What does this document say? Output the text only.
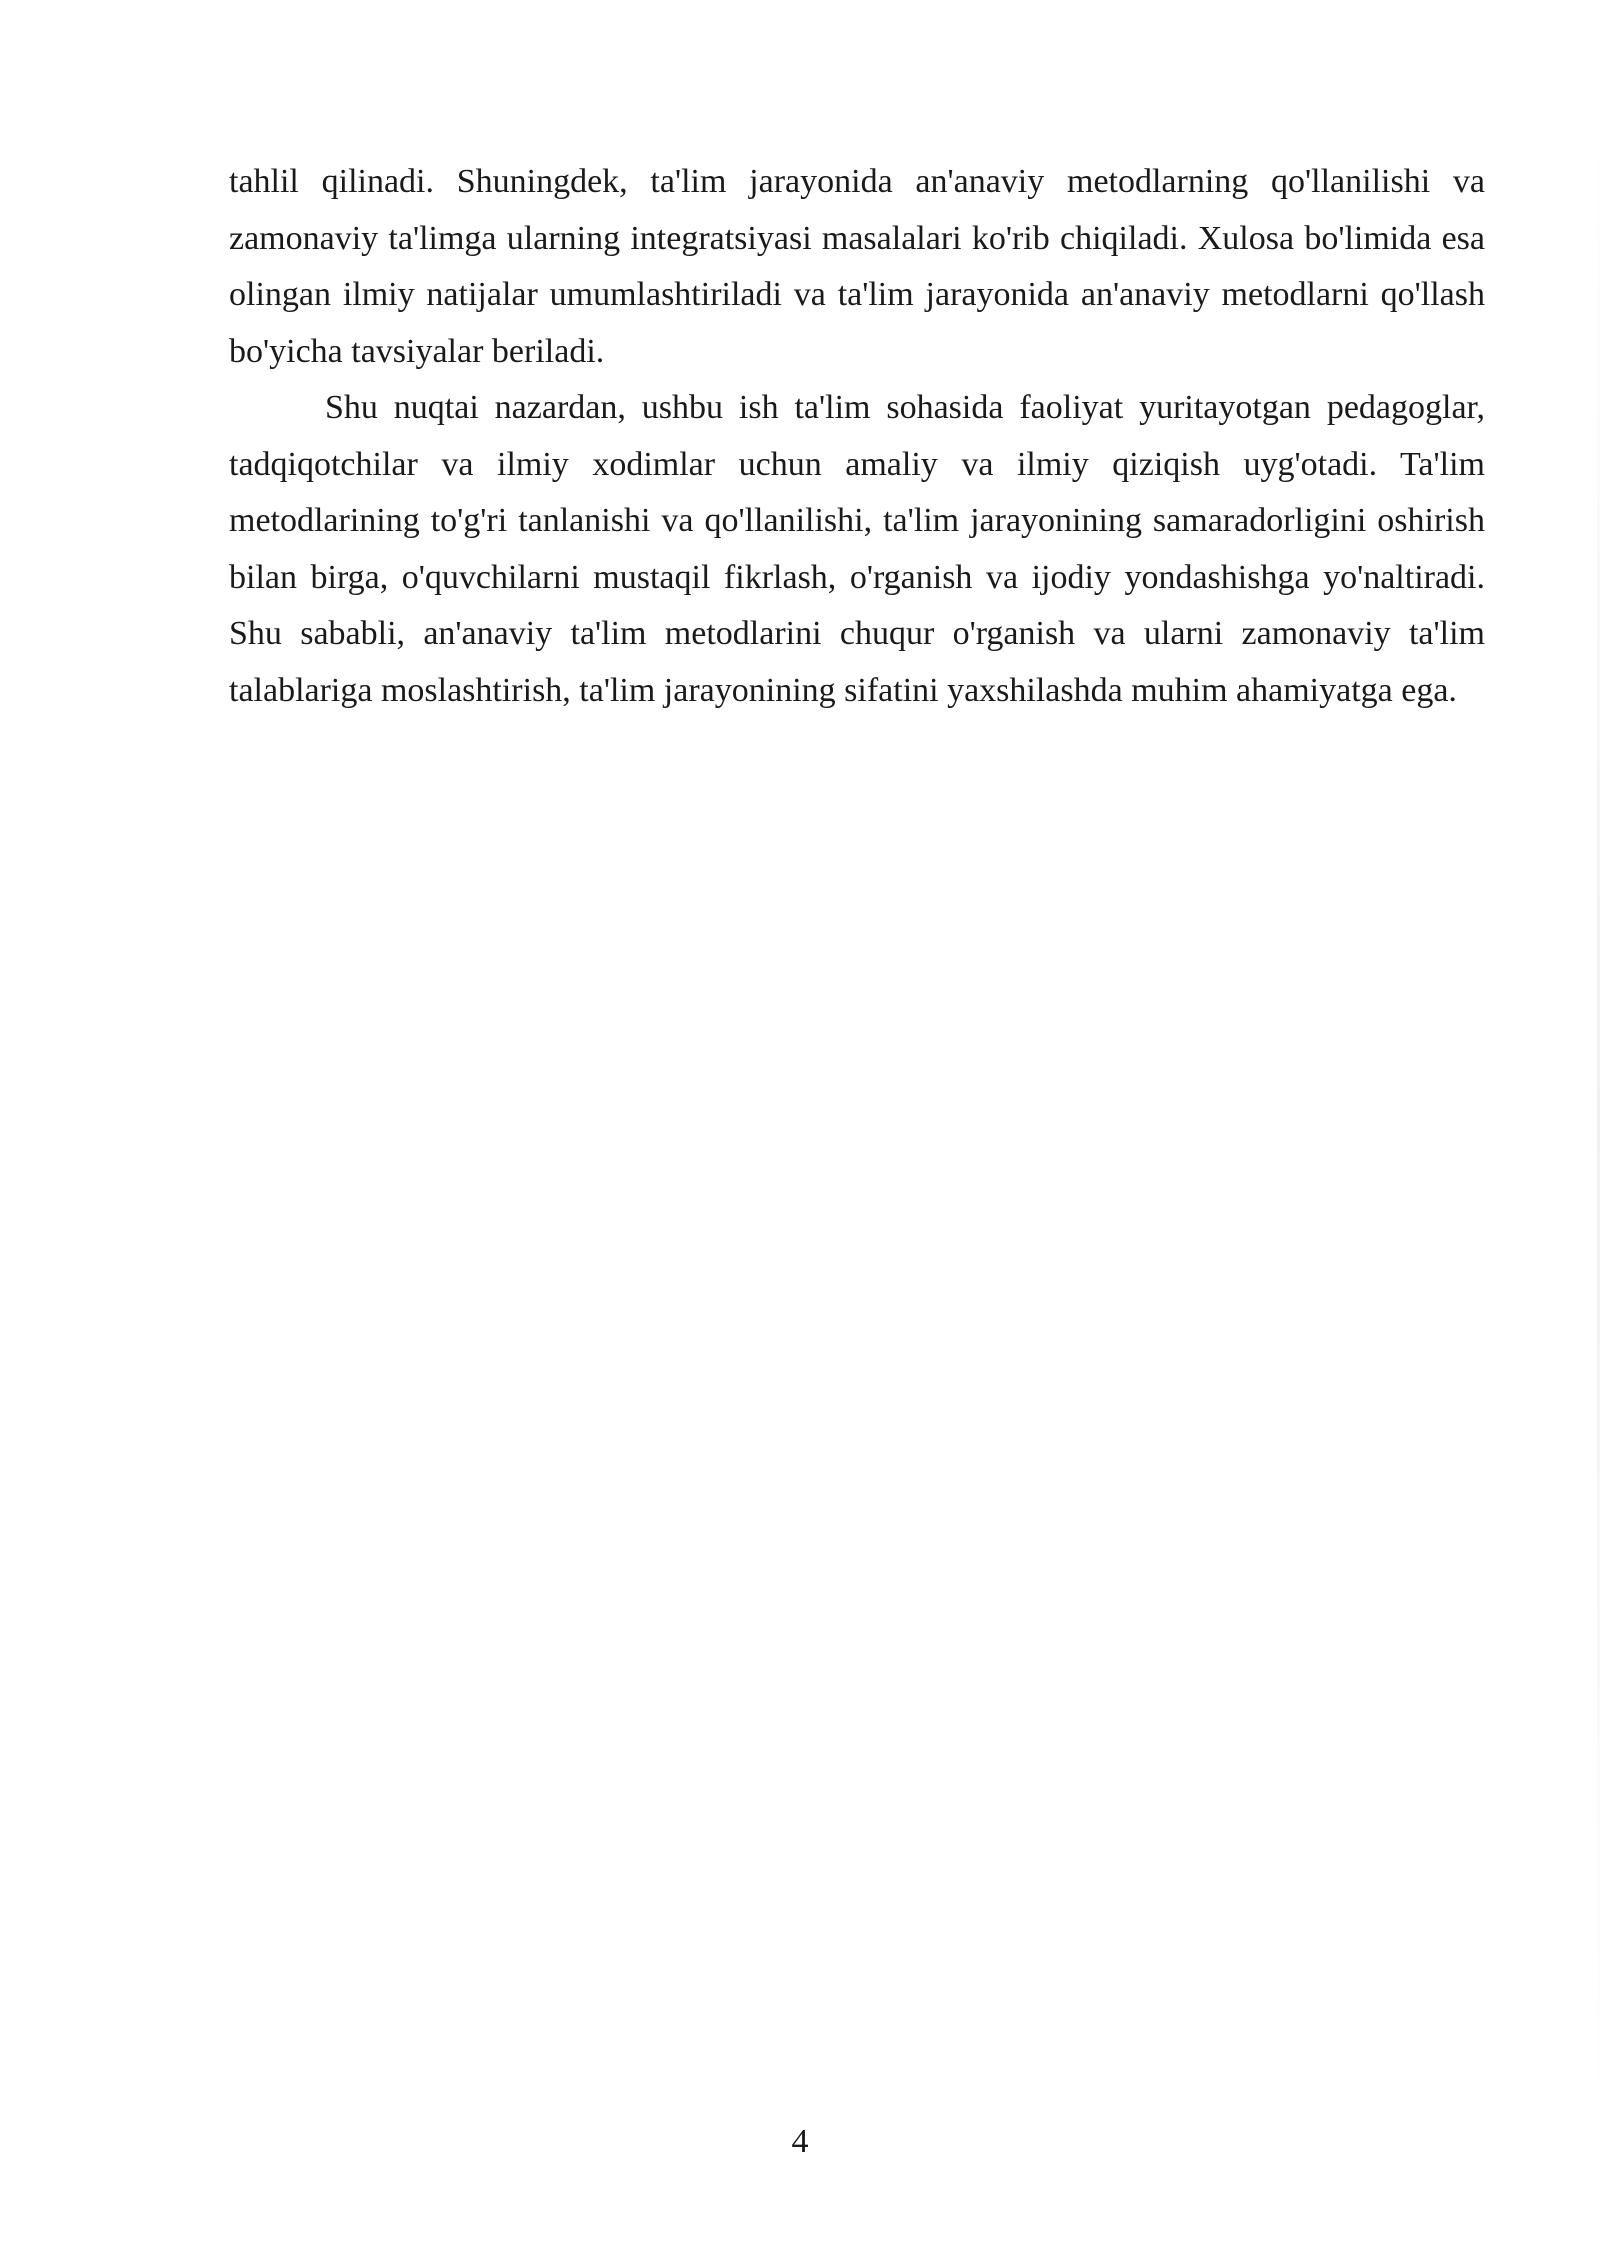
tahlil qilinadi. Shuningdek, ta'lim jarayonida an'anaviy metodlarning qo'llanilishi va zamonaviy ta'limga ularning integratsiyasi masalalari ko'rib chiqiladi. Xulosa bo'limida esa olingan ilmiy natijalar umumlashtiriladi va ta'lim jarayonida an'anaviy metodlarni qo'llash bo'yicha tavsiyalar beriladi.

Shu nuqtai nazardan, ushbu ish ta'lim sohasida faoliyat yuritayotgan pedagoglar, tadqiqotchilar va ilmiy xodimlar uchun amaliy va ilmiy qiziqish uyg'otadi. Ta'lim metodlarining to'g'ri tanlanishi va qo'llanilishi, ta'lim jarayonining samaradorligini oshirish bilan birga, o'quvchilarni mustaqil fikrlash, o'rganish va ijodiy yondashishga yo'naltiradi. Shu sababli, an'anaviy ta'lim metodlarini chuqur o'rganish va ularni zamonaviy ta'lim talablariga moslashtirish, ta'lim jarayonining sifatini yaxshilashda muhim ahamiyatga ega.

4
